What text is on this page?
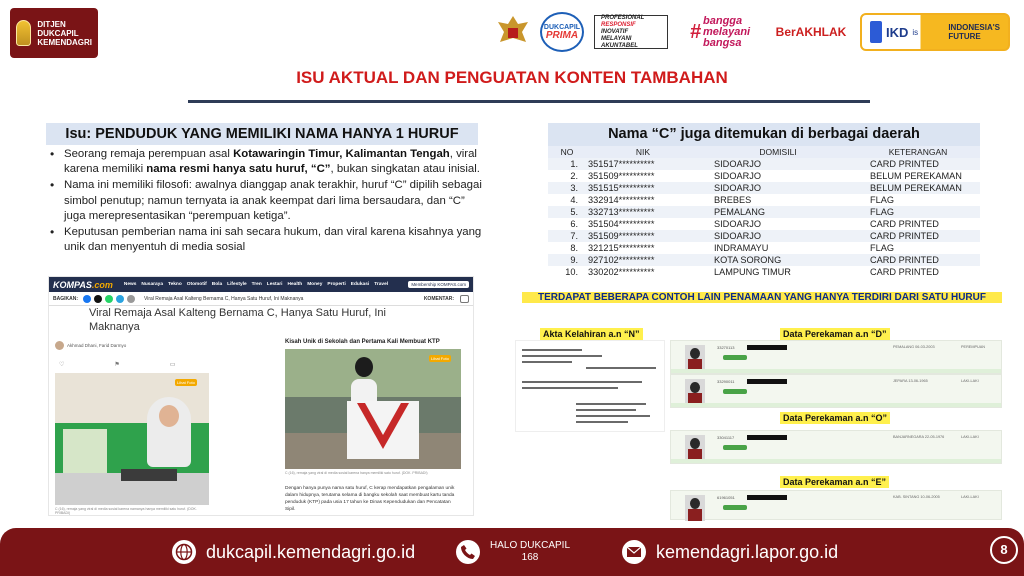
DITJEN
DUKCAPIL
KEMENDAGRI
DUKCAPIL
PRIMA
PROFESIONAL
RESPONSIF
INOVATIF
MELAYANI
AKUNTABEL
# bangga
melayani
bangsa
BerAKHLAK	IKD is	INDONESIA'S
FUTURE
ISU AKTUAL DAN PENGUATAN KONTEN TAMBAHAN
Isu: PENDUDUK YANG MEMILIKI NAMA HANYA 1 HURUF
• Seorang remaja perempuan asal Kotawaringin Timur, Kalimantan Tengah, viral karena memiliki nama resmi hanya satu huruf, “C”, bukan singkatan atau inisial.
• Nama ini memiliki filosofi: awalnya dianggap anak terakhir, huruf “C” dipilih sebagai simbol penutup; namun ternyata ia anak keempat dari lima bersaudara, dan “C” juga merepresentasikan “perempuan ketiga”.
• Keputusan pemberian nama ini sah secara hukum, dan viral karena kisahnya yang unik dan menyentuh di media sosial
KOMPAS.com News Nusaraya Tekno Otomotif Bola Lifestyle Tren Lestari Health Money Properti Edukasi Travel	Membership KOMPAS.com
BAGIKAN:	Viral Remaja Asal Kalteng Bernama C, Hanya Satu Huruf, Ini Maknanya	KOMENTAR:
Viral Remaja Asal Kalteng Bernama C, Hanya Satu Huruf, Ini Maknanya
Akhmad Dhani, Farid Darmyo
♡	⚑	▭
Lihat Foto
C (16), remaja yang viral di media sosial karena namanya hanya memiliki satu huruf. (DOK. PRIBADI)
Kisah Unik di Sekolah dan Pertama Kali Membuat KTP
Lihat Foto
C (16), remaja yang viral di media sosial karena hanya memiliki satu huruf. (DOK. PRIBADI)
Dengan hanya punya nama satu huruf, C kerap mendapatkan pengalaman unik dalam hidupnya, terutama selama di bangku sekolah saat membuat kartu tanda penduduk (KTP) pada usia 17 tahun ke Dinas Kependudukan dan Pencatatan Sipil.
Nama “C” juga ditemukan di berbagai daerah
NO	NIK	DOMISILI	KETERANGAN
1.	351517**********	SIDOARJO	CARD PRINTED
2.	351509**********	SIDOARJO	BELUM PEREKAMAN
3.	351515**********	SIDOARJO	BELUM PEREKAMAN
4.	332914**********	BREBES	FLAG
5.	332713**********	PEMALANG	FLAG
6.	351504**********	SIDOARJO	CARD PRINTED
7.	351509**********	SIDOARJO	CARD PRINTED
8.	321215**********	INDRAMAYU	FLAG
9.	927102**********	KOTA SORONG	CARD PRINTED
10.	330202**********	LAMPUNG TIMUR	CARD PRINTED
TERDAPAT BEBERAPA CONTOH LAIN PENAMAAN YANG HANYA TERDIRI DARI SATU HURUF
Akta Kelahiran a.n “N”	Data Perekaman a.n “D”
Data Perekaman a.n “O”
Data Perekaman a.n “E”
33270113	PEMALANG 06-03-2003	PEREMPUAN
33290011	JEPARA 13-06-1965	LAKI-LAKI
33041117	BANJARNEGARA 22-05-1976	LAKI-LAKI
61961051	KAB. SINTANG 10-06-2005	LAKI-LAKI
dukcapil.kemendagri.go.id	HALO DUKCAPIL
168	kemendagri.lapor.go.id	8
